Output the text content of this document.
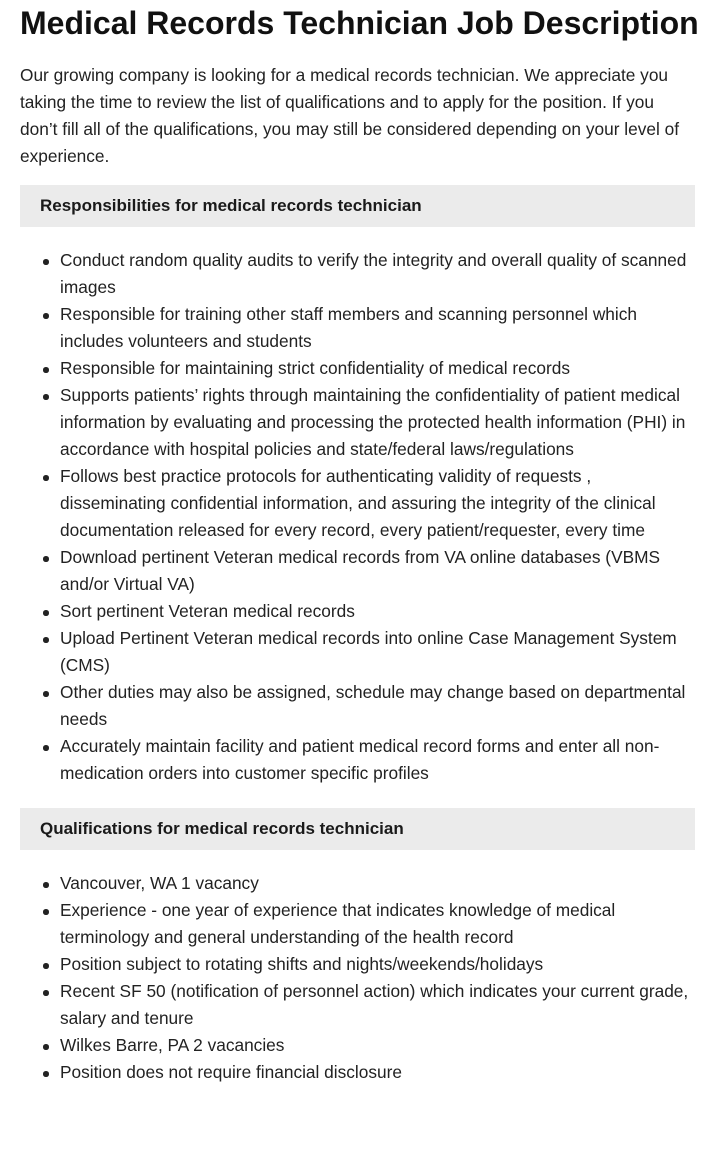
Medical Records Technician Job Description

Our growing company is looking for a medical records technician. We appreciate you taking the time to review the list of qualifications and to apply for the position. If you don’t fill all of the qualifications, you may still be considered depending on your level of experience.

Responsibilities for medical records technician
Conduct random quality audits to verify the integrity and overall quality of scanned images
Responsible for training other staff members and scanning personnel which includes volunteers and students
Responsible for maintaining strict confidentiality of medical records
Supports patients’ rights through maintaining the confidentiality of patient medical information by evaluating and processing the protected health information (PHI) in accordance with hospital policies and state/federal laws/regulations
Follows best practice protocols for authenticating validity of requests , disseminating confidential information, and assuring the integrity of the clinical documentation released for every record, every patient/requester, every time
Download pertinent Veteran medical records from VA online databases (VBMS and/or Virtual VA)
Sort pertinent Veteran medical records
Upload Pertinent Veteran medical records into online Case Management System (CMS)
Other duties may also be assigned, schedule may change based on departmental needs
Accurately maintain facility and patient medical record forms and enter all non-medication orders into customer specific profiles
Qualifications for medical records technician
Vancouver, WA 1 vacancy
Experience - one year of experience that indicates knowledge of medical terminology and general understanding of the health record
Position subject to rotating shifts and nights/weekends/holidays
Recent SF 50 (notification of personnel action) which indicates your current grade, salary and tenure
Wilkes Barre, PA 2 vacancies
Position does not require financial disclosure
